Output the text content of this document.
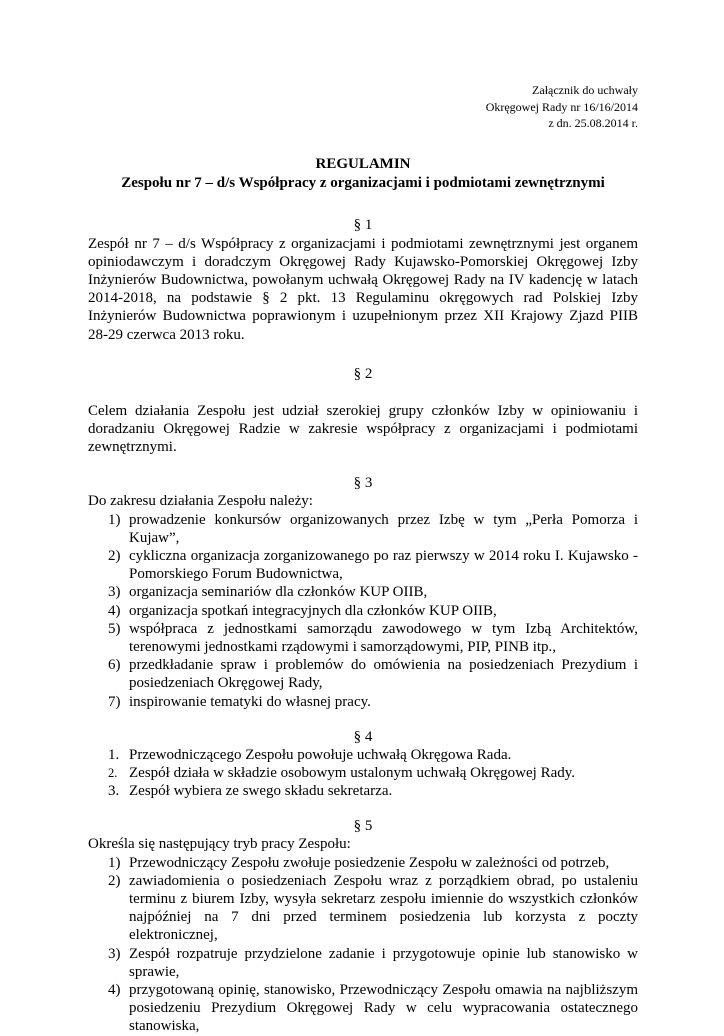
Załącznik do uchwały
Okręgowej Rady nr 16/16/2014
z dn. 25.08.2014 r.
REGULAMIN
Zespołu nr 7 – d/s Współpracy z organizacjami i podmiotami zewnętrznymi
§ 1
Zespół nr 7 – d/s Współpracy z organizacjami i podmiotami zewnętrznymi jest organem opiniodawczym i doradczym Okręgowej Rady Kujawsko-Pomorskiej Okręgowej Izby Inżynierów Budownictwa, powołanym uchwałą Okręgowej Rady na IV kadencję w latach 2014-2018, na podstawie § 2 pkt. 13 Regulaminu okręgowych rad Polskiej Izby Inżynierów Budownictwa poprawionym i uzupełnionym przez XII Krajowy Zjazd PIIB 28-29 czerwca 2013 roku.
§ 2
Celem działania Zespołu jest udział szerokiej grupy członków Izby w opiniowaniu i doradzaniu Okręgowej Radzie w zakresie współpracy z organizacjami i podmiotami zewnętrznymi.
§ 3
Do zakresu działania Zespołu należy:
1) prowadzenie konkursów organizowanych przez Izbę w tym „Perła Pomorza i Kujaw”,
2) cykliczna organizacja zorganizowanego po raz pierwszy w 2014 roku I. Kujawsko - Pomorskiego Forum Budownictwa,
3) organizacja seminariów dla członków KUP OIIB,
4) organizacja spotkań integracyjnych dla członków KUP OIIB,
5) współpraca z jednostkami samorządu zawodowego w tym Izbą Architektów, terenowymi jednostkami rządowymi i samorządowymi, PIP, PINB itp.,
6) przedkładanie spraw i problemów do omówienia na posiedzeniach Prezydium i posiedzeniach Okręgowej Rady,
7) inspirowanie tematyki do własnej pracy.
§ 4
1. Przewodniczącego Zespołu powołuje uchwałą Okręgowa Rada.
2. Zespół działa w składzie osobowym ustalonym uchwałą Okręgowej Rady.
3. Zespół wybiera ze swego składu sekretarza.
§ 5
Określa się następujący tryb pracy Zespołu:
1) Przewodniczący Zespołu zwołuje posiedzenie Zespołu w zależności od potrzeb,
2) zawiadomienia o posiedzeniach Zespołu wraz z porządkiem obrad, po ustaleniu terminu z biurem Izby, wysyła sekretarz zespołu imiennie do wszystkich członków najpóźniej na 7 dni przed terminem posiedzenia lub korzysta z poczty elektronicznej,
3) Zespół rozpatruje przydzielone zadanie i przygotowuje opinie lub stanowisko w sprawie,
4) przygotowaną opinię, stanowisko, Przewodniczący Zespołu omawia na najbliższym posiedzeniu Prezydium Okręgowej Rady w celu wypracowania ostatecznego stanowiska,
